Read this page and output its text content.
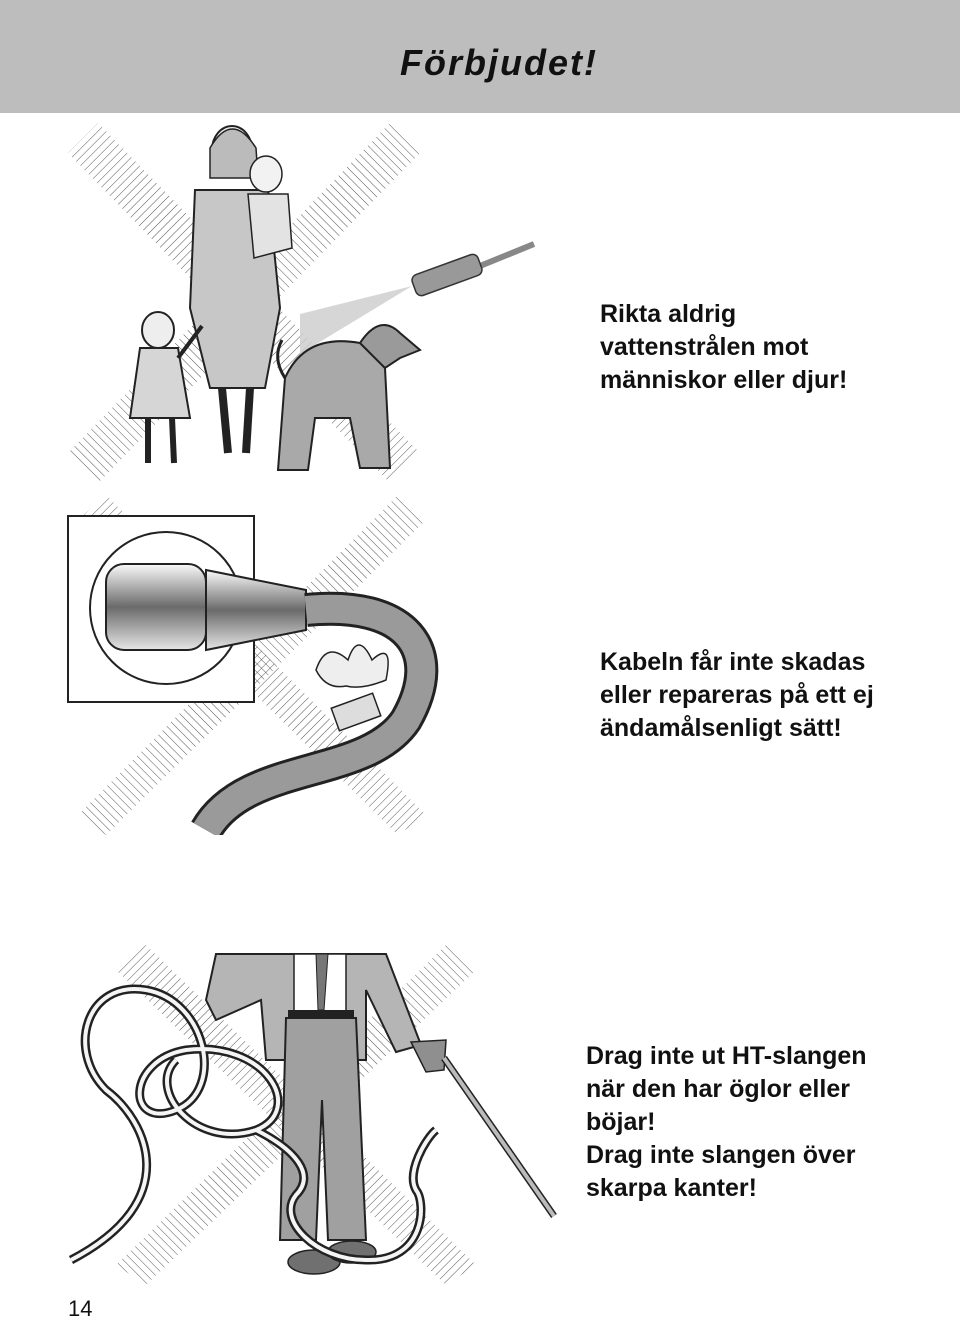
Förbjudet!
Rikta aldrig
vattenstrålen mot
människor eller djur!
Kabeln får inte skadas
eller repareras på ett ej
ändamålsenligt sätt!
Drag inte ut HT-slangen
när den har öglor eller
böjar!
Drag inte slangen över
skarpa kanter!
14
